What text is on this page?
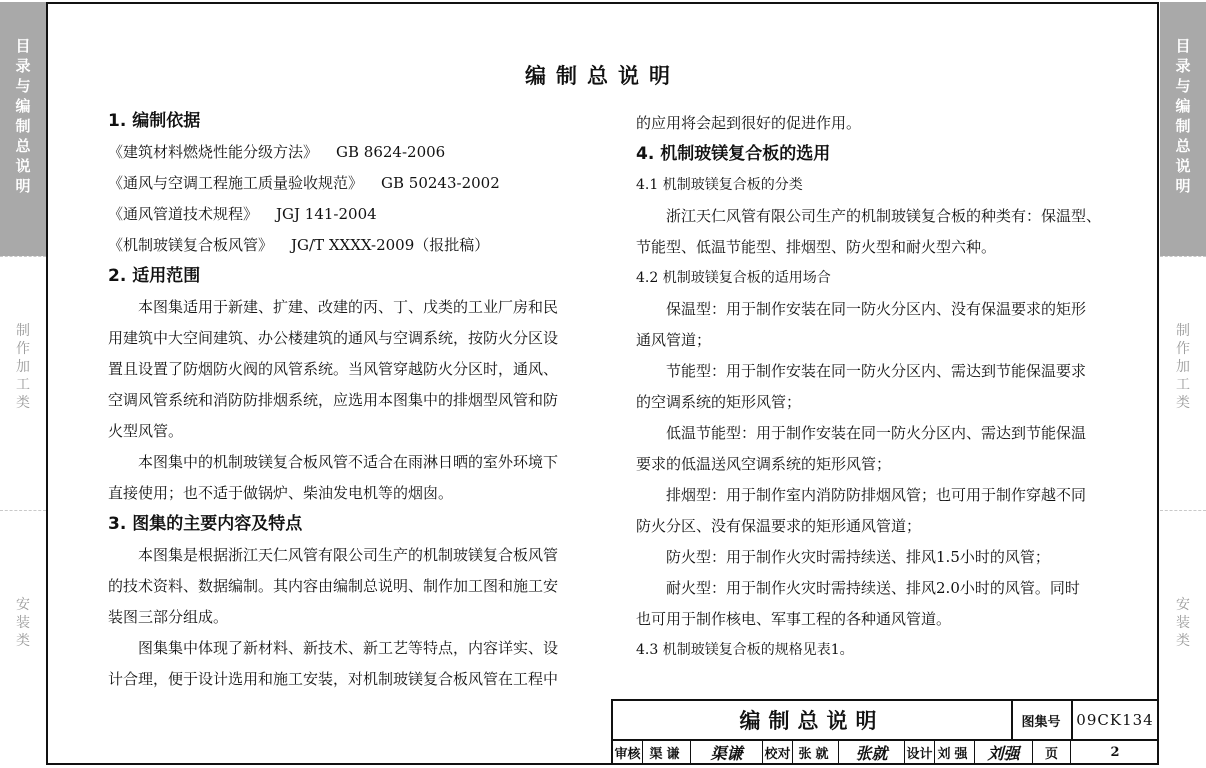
目
录
与
编
制
总
说
明
制
作
加
工
类
安
装
类
目
录
与
编
制
总
说
明
制
作
加
工
类
安
装
类
编制总说明

1. 编制依据

《建筑材料燃烧性能分级方法》 GB 8624-2006

《通风与空调工程施工质量验收规范》 GB 50243-2002

《通风管道技术规程》 JGJ 141-2004

《机制玻镁复合板风管》 JG/T XXXX-2009（报批稿）

2. 适用范围

本图集适用于新建、扩建、改建的丙、丁、戊类的工业厂房和民

用建筑中大空间建筑、办公楼建筑的通风与空调系统，按防火分区设

置且设置了防烟防火阀的风管系统。当风管穿越防火分区时，通风、

空调风管系统和消防防排烟系统，应选用本图集中的排烟型风管和防

火型风管。

本图集中的机制玻镁复合板风管不适合在雨淋日晒的室外环境下

直接使用；也不适于做锅炉、柴油发电机等的烟囱。

3. 图集的主要内容及特点

本图集是根据浙江天仁风管有限公司生产的机制玻镁复合板风管

的技术资料、数据编制。其内容由编制总说明、制作加工图和施工安

装图三部分组成。

图集集中体现了新材料、新技术、新工艺等特点，内容详实、设

计合理，便于设计选用和施工安装，对机制玻镁复合板风管在工程中

的应用将会起到很好的促进作用。

4. 机制玻镁复合板的选用

4.1 机制玻镁复合板的分类

浙江天仁风管有限公司生产的机制玻镁复合板的种类有：保温型、

节能型、低温节能型、排烟型、防火型和耐火型六种。

4.2 机制玻镁复合板的适用场合

保温型：用于制作安装在同一防火分区内、没有保温要求的矩形

通风管道；

节能型：用于制作安装在同一防火分区内、需达到节能保温要求

的空调系统的矩形风管；

低温节能型：用于制作安装在同一防火分区内、需达到节能保温

要求的低温送风空调系统的矩形风管；

排烟型：用于制作室内消防防排烟风管；也可用于制作穿越不同

防火分区、没有保温要求的矩形通风管道；

防火型：用于制作火灾时需持续送、排风1.5小时的风管；

耐火型：用于制作火灾时需持续送、排风2.0小时的风管。同时

也可用于制作核电、军事工程的各种通风管道。

4.3 机制玻镁复合板的规格见表1。

编制总说明	图集号	09CK134
审核 渠谦	渠谦	校对 张就	张就	设计 刘强 刘强	页	2
